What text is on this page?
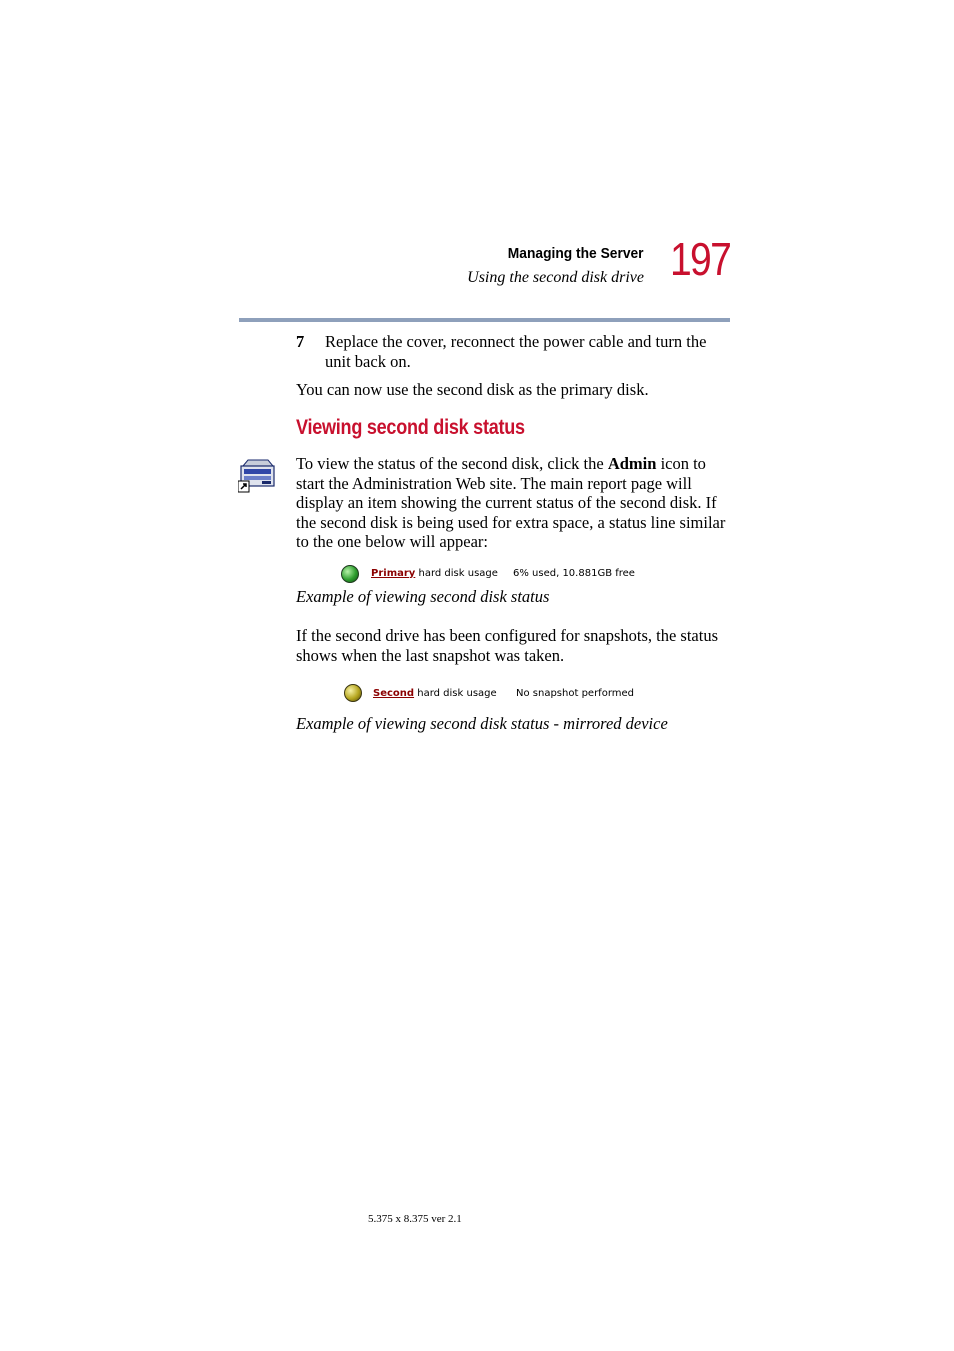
Managing the Server
Using the second disk drive 197
7 Replace the cover, reconnect the power cable and turn the unit back on.
You can now use the second disk as the primary disk.
Viewing second disk status
To view the status of the second disk, click the Admin icon to start the Administration Web site. The main report page will display an item showing the current status of the second disk. If the second disk is being used for extra space, a status line similar to the one below will appear:
Primary hard disk usage 6% used, 10.881GB free
Example of viewing second disk status
If the second drive has been configured for snapshots, the status shows when the last snapshot was taken.
Second hard disk usage No snapshot performed
Example of viewing second disk status - mirrored device
5.375 x 8.375 ver 2.1
